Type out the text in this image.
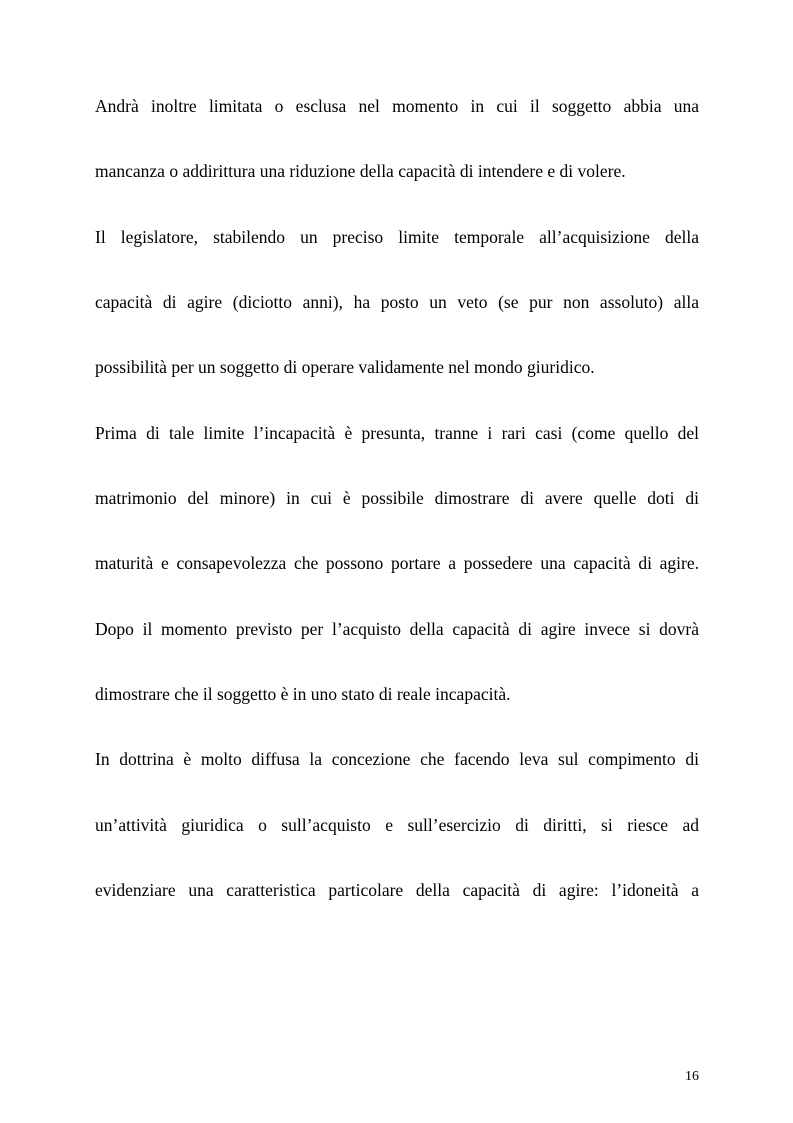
Andrà inoltre limitata o esclusa nel momento in cui il soggetto abbia una
mancanza o addirittura una riduzione della capacità di intendere e di volere.
Il legislatore, stabilendo un preciso limite temporale all’acquisizione della
capacità di agire (diciotto anni), ha posto un veto (se pur non assoluto) alla
possibilità per un soggetto di operare validamente nel mondo giuridico.
Prima di tale limite l’incapacità è presunta, tranne i rari casi (come quello del
matrimonio del minore) in cui è possibile dimostrare di avere quelle doti di
maturità e consapevolezza che possono portare a possedere una capacità di agire.
Dopo il momento previsto per l’acquisto della capacità di agire invece si dovrà
dimostrare che il soggetto è in uno stato di reale incapacità.
In dottrina è molto diffusa la concezione che facendo leva sul compimento di
un’attività giuridica o sull’acquisto e sull’esercizio di diritti, si riesce ad
evidenziare una caratteristica particolare della capacità di agire: l’idoneità a
16
